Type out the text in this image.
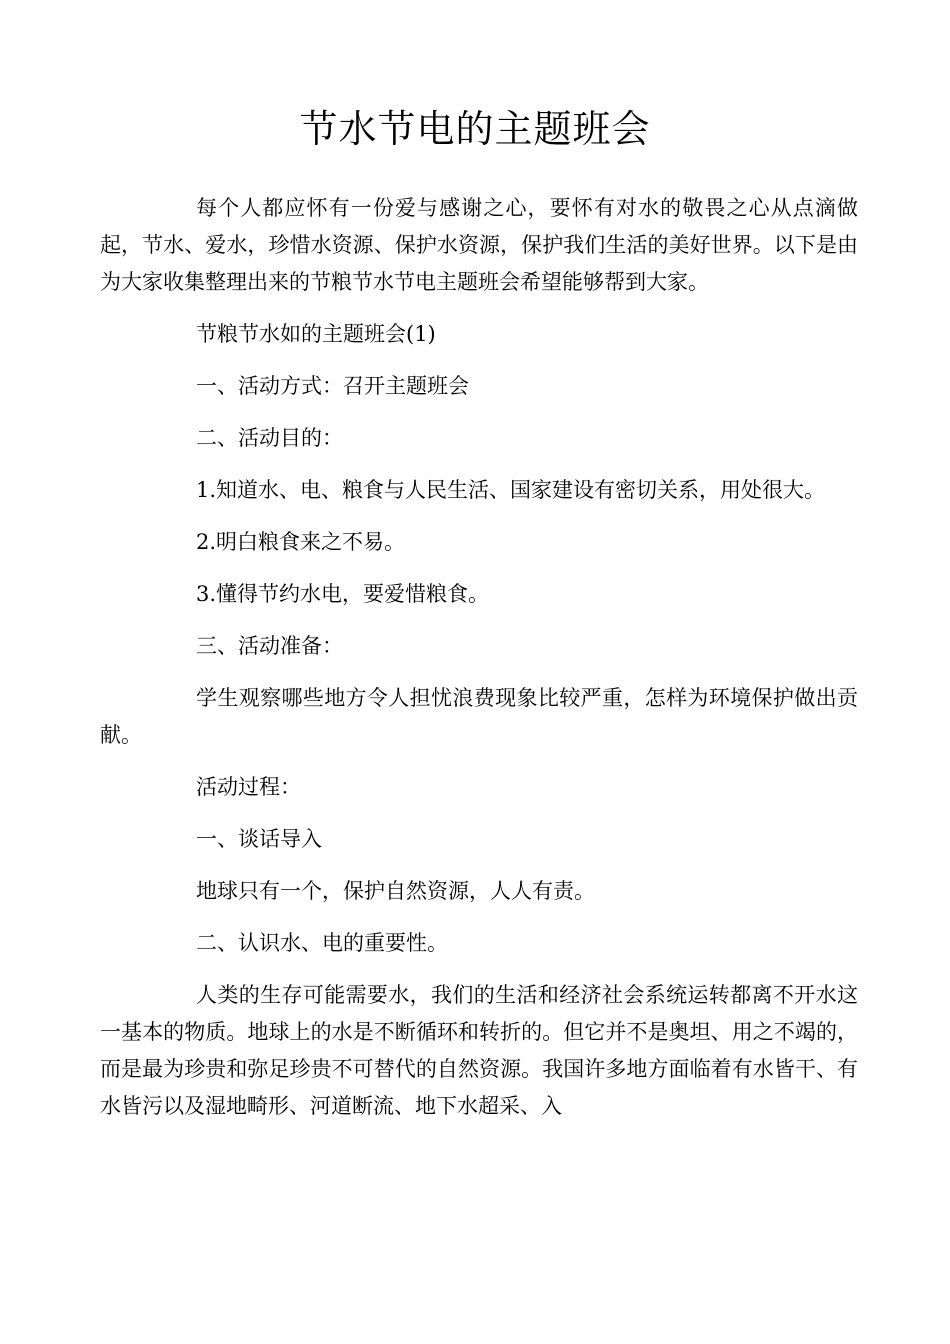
节水节电的主题班会

每个人都应怀有一份爱与感谢之心，要怀有对水的敬畏之心从点滴做起，节水、爱水，珍惜水资源、保护水资源，保护我们生活的美好世界。以下是由为大家收集整理出来的节粮节水节电主题班会希望能够帮到大家。

节粮节水如的主题班会(1)

一、活动方式：召开主题班会

二、活动目的：

1.知道水、电、粮食与人民生活、国家建设有密切关系，用处很大。

2.明白粮食来之不易。

3.懂得节约水电，要爱惜粮食。

三、活动准备：

学生观察哪些地方令人担忧浪费现象比较严重，怎样为环境保护做出贡献。

活动过程：

一、谈话导入

地球只有一个，保护自然资源，人人有责。

二、认识水、电的重要性。

人类的生存可能需要水，我们的生活和经济社会系统运转都离不开水这一基本的物质。地球上的水是不断循环和转折的。但它并不是奥坦、用之不竭的，而是最为珍贵和弥足珍贵不可替代的自然资源。我国许多地方面临着有水皆干、有水皆污以及湿地畸形、河道断流、地下水超采、入
